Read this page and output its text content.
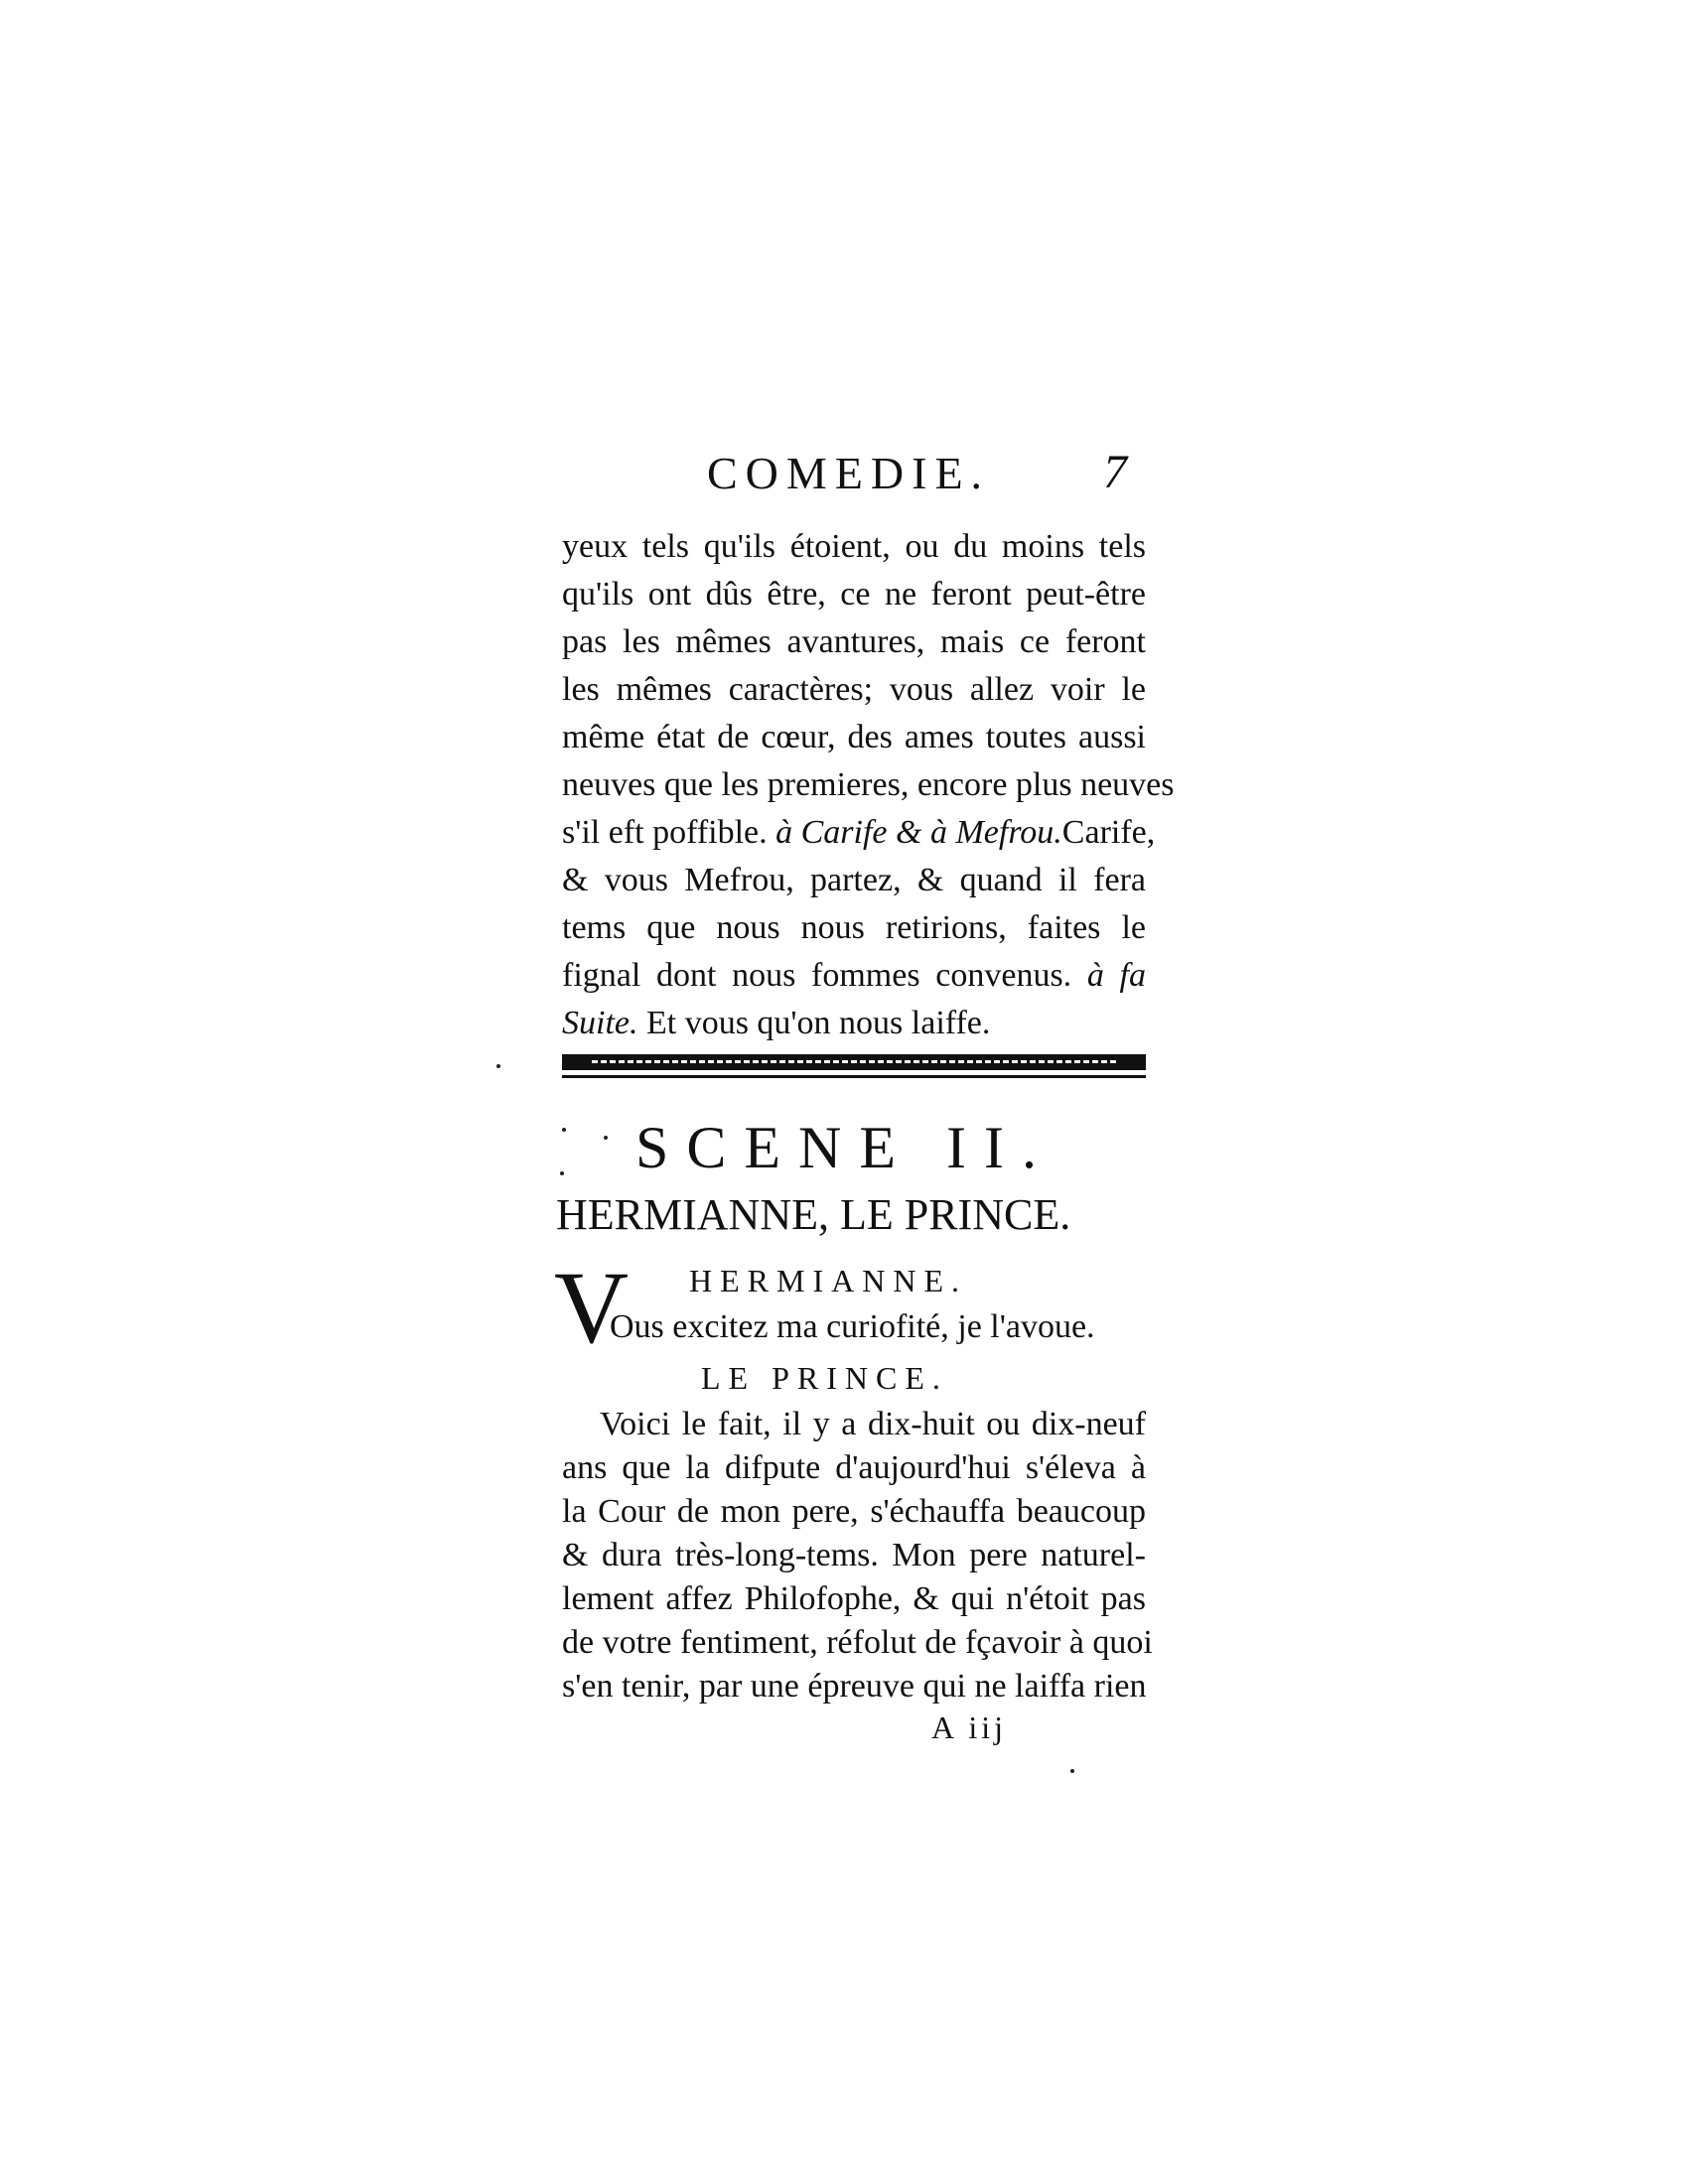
COMEDIE. 7
yeux tels qu'ils étoient, ou du moins tels
qu'ils ont dûs être, ce ne feront peut-être
pas les mêmes avantures, mais ce feront
les mêmes caractères; vous allez voir le
même état de cœur, des ames toutes aussi
neuves que les premieres, encore plus neuves
s'il eft poffible. à Carife & à Mefrou.Carife,
& vous Mefrou, partez, & quand il fera
tems que nous nous retirions, faites le
fignal dont nous fommes convenus. à fa
Suite. Et vous qu'on nous laiffe.
SCENE II.
HERMIANNE, LE PRINCE.
V HERMIANNE.
Ous excitez ma curiofité, je l'avoue.
LE PRINCE.
Voici le fait, il y a dix-huit ou dix-neuf
ans que la difpute d'aujourd'hui s'éleva à
la Cour de mon pere, s'échauffa beaucoup
& dura très-long-tems. Mon pere naturel-
lement affez Philofophe, & qui n'étoit pas
de votre fentiment, réfolut de fçavoir à quoi
s'en tenir, par une épreuve qui ne laiffa rien
A iij
